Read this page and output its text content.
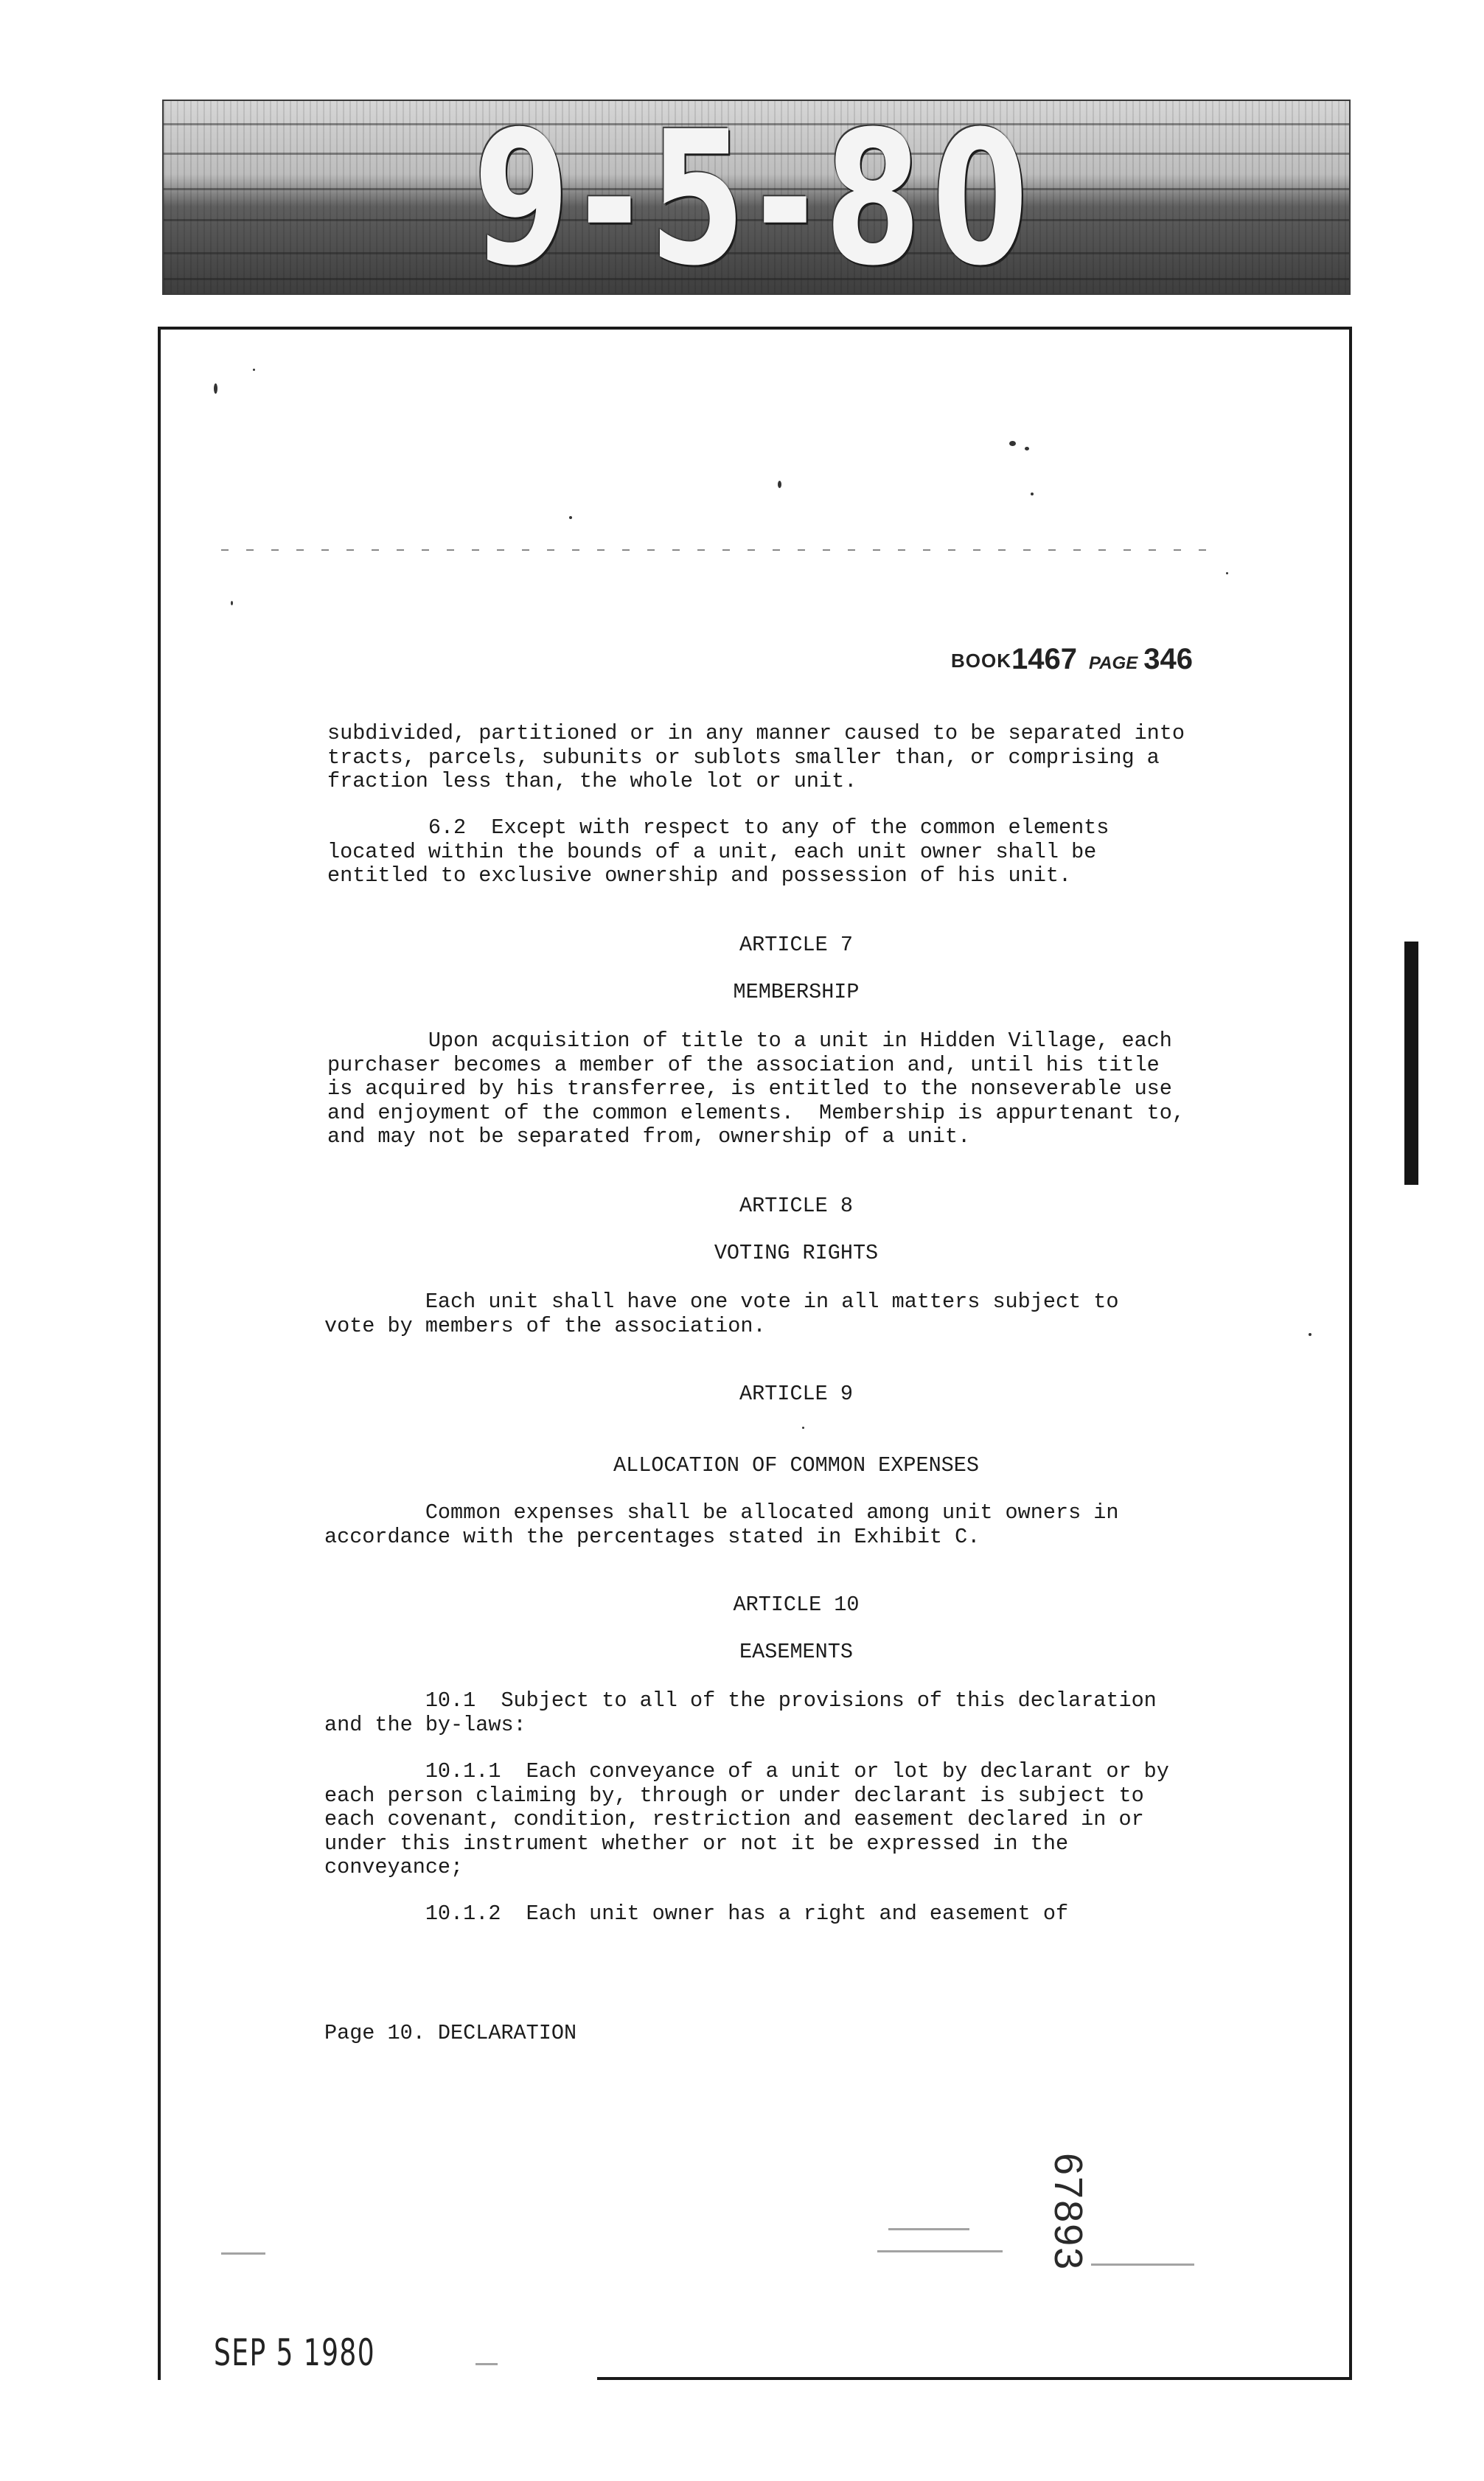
9-5-80
BOOK1467 PAGE 346
subdivided, partitioned or in any manner caused to be separated into
tracts, parcels, subunits or sublots smaller than, or comprising a
fraction less than, the whole lot or unit.
6.2  Except with respect to any of the common elements
located within the bounds of a unit, each unit owner shall be
entitled to exclusive ownership and possession of his unit.
ARTICLE 7
MEMBERSHIP
Upon acquisition of title to a unit in Hidden Village, each
purchaser becomes a member of the association and, until his title
is acquired by his transferree, is entitled to the nonseverable use
and enjoyment of the common elements.  Membership is appurtenant to,
and may not be separated from, ownership of a unit.
ARTICLE 8
VOTING RIGHTS
Each unit shall have one vote in all matters subject to
vote by members of the association.
ARTICLE 9
ALLOCATION OF COMMON EXPENSES
Common expenses shall be allocated among unit owners in
accordance with the percentages stated in Exhibit C.
ARTICLE 10
EASEMENTS
10.1  Subject to all of the provisions of this declaration
and the by-laws:
10.1.1  Each conveyance of a unit or lot by declarant or by
each person claiming by, through or under declarant is subject to
each covenant, condition, restriction and easement declared in or
under this instrument whether or not it be expressed in the
conveyance;
10.1.2  Each unit owner has a right and easement of
Page 10. DECLARATION
67893
SEP 5 1980
